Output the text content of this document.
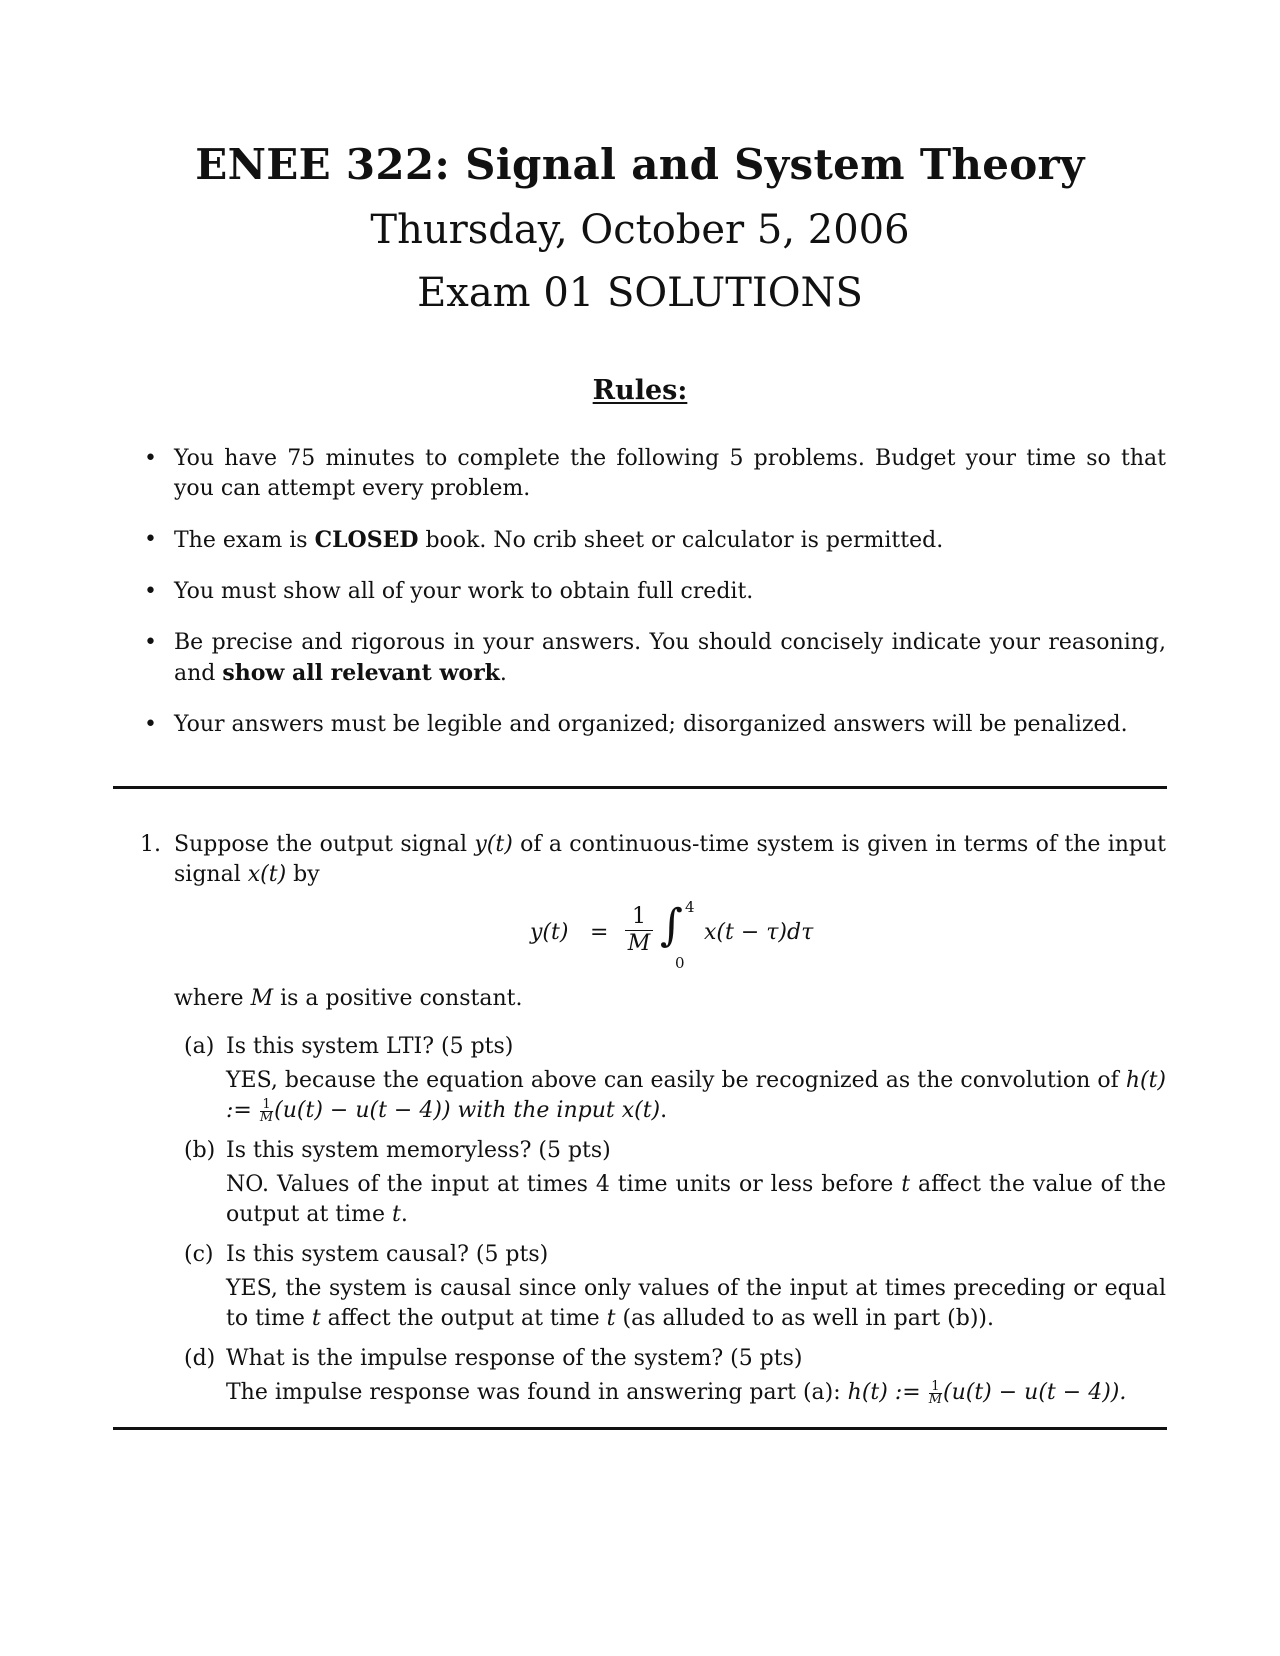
ENEE 322: Signal and System Theory
Thursday, October 5, 2006
Exam 01 SOLUTIONS
Rules:
• You have 75 minutes to complete the following 5 problems. Budget your time so that you can attempt every problem.
• The exam is CLOSED book. No crib sheet or calculator is permitted.
• You must show all of your work to obtain full credit.
• Be precise and rigorous in your answers. You should concisely indicate your reasoning, and show all relevant work.
• Your answers must be legible and organized; disorganized answers will be penalized.
1. Suppose the output signal y(t) of a continuous-time system is given in terms of the input signal x(t) by
$y(t) = \frac{1}{M}$ ∫ 4
0
x(t − τ)dτ
where M is a positive constant.
(a) Is this system LTI? (5 pts)
YES, because the equation above can easily be recognized as the convolution of h(t) := $\frac{1}{M} (u(t) - u(t - 4))$ with the input x(t).
(b) Is this system memoryless? (5 pts)
NO. Values of the input at times 4 time units or less before t affect the value of the output at time t.
(c) Is this system causal? (5 pts)
YES, the system is causal since only values of the input at times preceding or equal to time t affect the output at time t (as alluded to as well in part (b)).
(d) What is the impulse response of the system? (5 pts)
The impulse response was found in answering part (a): h(t) := $\frac{1}{M} (u(t) - u(t - 4))$.
